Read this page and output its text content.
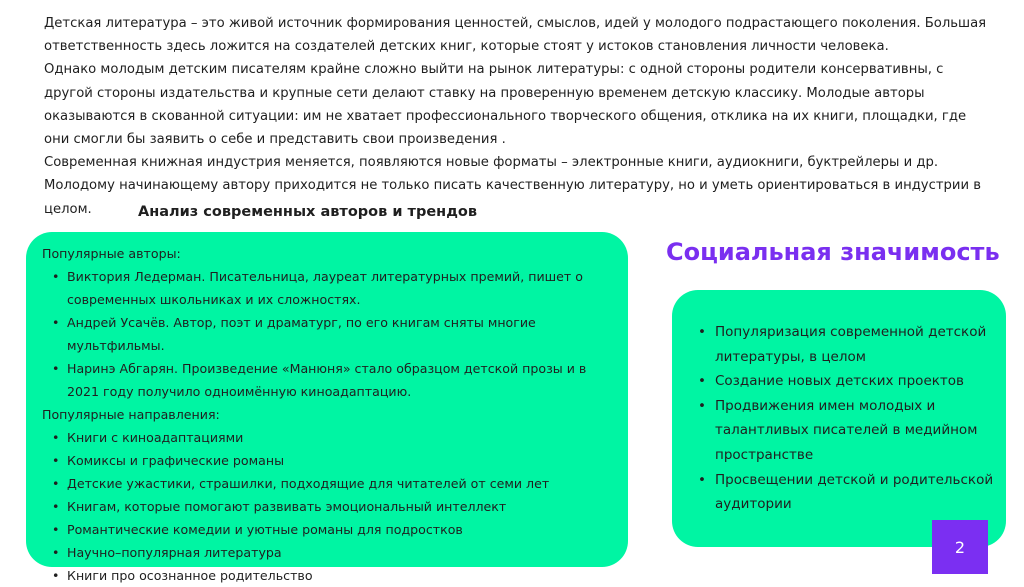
Детская литература – это живой источник формирования ценностей, смыслов, идей у молодого подрастающего поколения. Большая ответственность здесь ложится на создателей детских книг, которые стоят у истоков становления личности человека.

Однако молодым детским писателям крайне сложно выйти на рынок литературы: с одной стороны родители консервативны, с другой стороны издательства и крупные сети делают ставку на проверенную временем детскую классику. Молодые авторы оказываются в скованной ситуации: им не хватает профессионального творческого общения, отклика на их книги, площадки, где они смогли бы заявить о себе и представить свои произведения .

Современная книжная индустрия меняется, появляются новые форматы – электронные книги, аудиокниги, буктрейлеры и др. Молодому начинающему автору приходится не только писать качественную литературу, но и уметь ориентироваться в индустрии в целом.	Анализ современных авторов и трендов

Популярные авторы:

• Виктория Ледерман. Писательница, лауреат литературных премий, пишет о современных школьниках и их сложностях.
• Андрей Усачёв. Автор, поэт и драматург, по его книгам сняты многие мультфильмы.
• Наринэ Абгарян. Произведение «Манюня» стало образцом детской прозы и в 2021 году получило одноимённую киноадаптацию.

Популярные направления:

• Книги с киноадаптациями
• Комиксы и графические романы
• Детские ужастики, страшилки, подходящие для читателей от семи лет
• Книгам, которые помогают развивать эмоциональный интеллект
• Романтические комедии и уютные романы для подростков
• Научно–популярная литература
• Книги про осознанное родительство
Социальная значимость
• Популяризация современной детской литературы, в целом
• Создание новых детских проектов
• Продвижения имен молодых и талантливых писателей в медийном пространстве
• Просвещении детской и родительской аудитории
2
